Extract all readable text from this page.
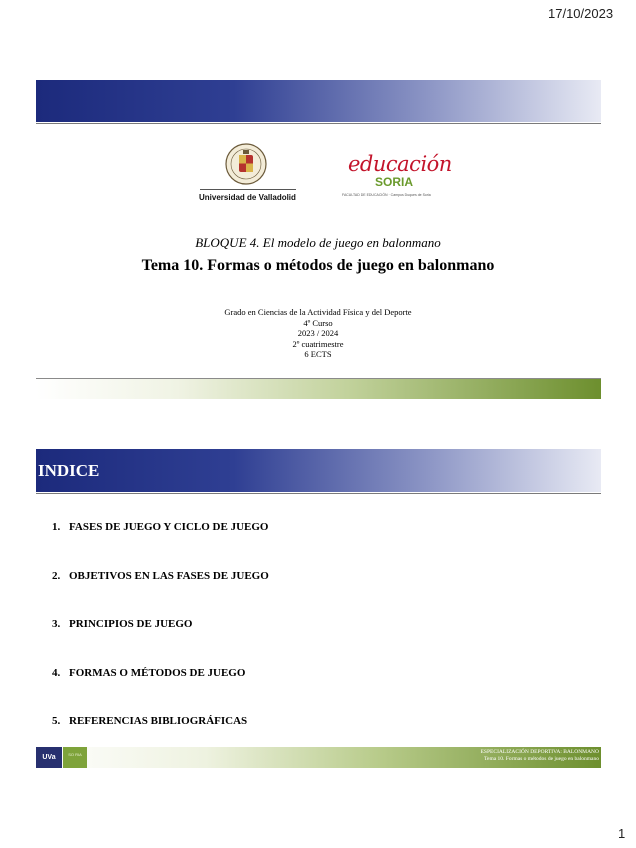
17/10/2023
Universidad de Valladolid
educación
SORIA
FACULTAD DE EDUCACIÓN · Campus Duques de Soria
BLOQUE 4. El modelo de juego en balonmano
Tema 10. Formas o métodos de juego en balonmano
Grado en Ciencias de la Actividad Física y del Deporte
4º Curso
2023 / 2024
2º cuatrimestre
6 ECTS
INDICE
1. FASES DE JUEGO Y CICLO DE JUEGO
2. OBJETIVOS EN LAS FASES DE JUEGO
3. PRINCIPIOS DE JUEGO
4. FORMAS O MÉTODOS DE JUEGO
5. REFERENCIAS BIBLIOGRÁFICAS
UVa	SO RIA	ESPECIALIZACIÓN DEPORTIVA: BALONMANO
Tema 10. Formas o métodos de juego en balonmano
1
